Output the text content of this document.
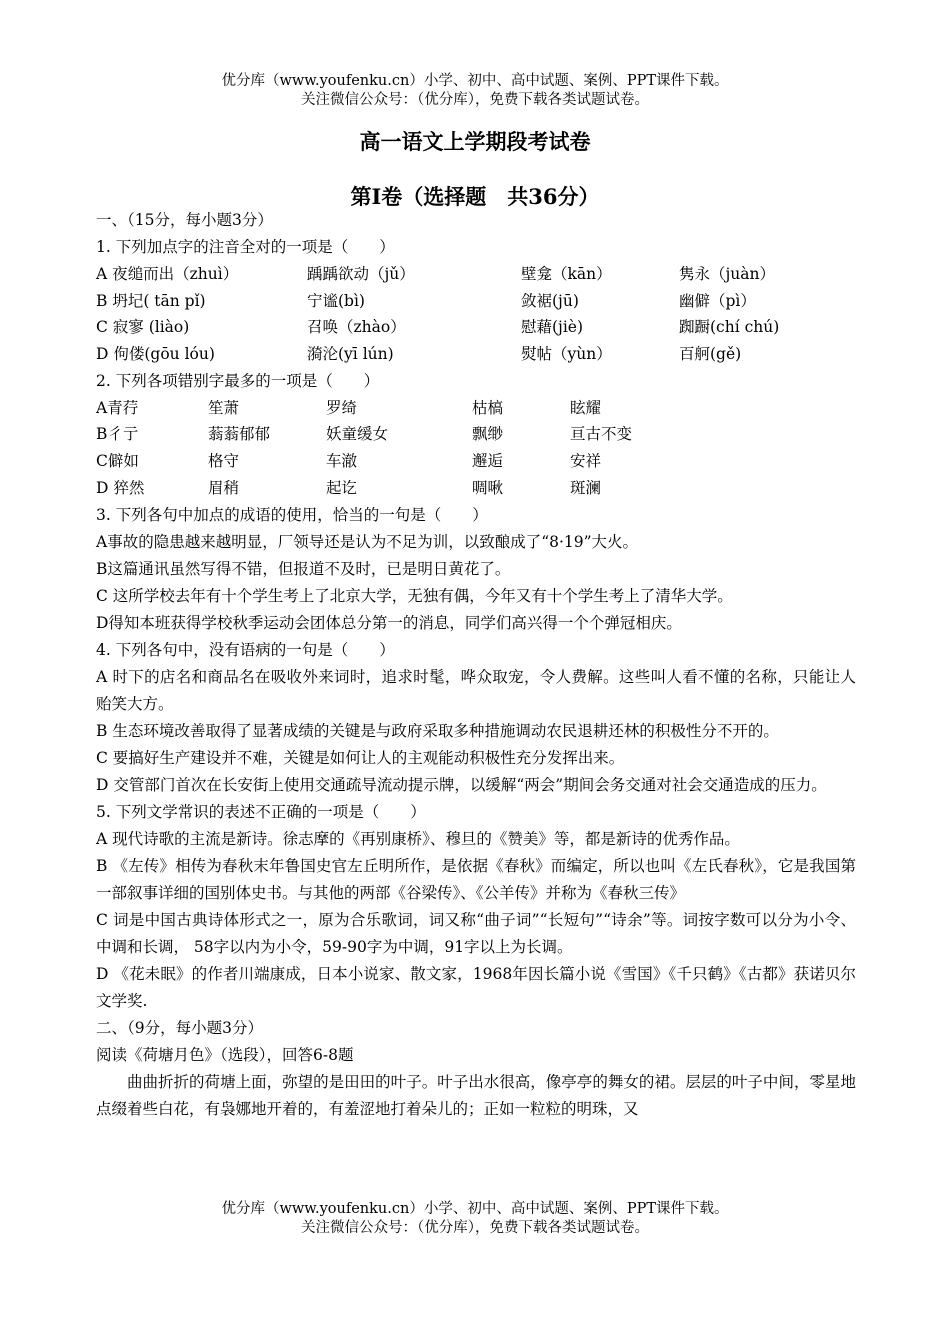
优分库（www.youfenku.cn）小学、初中、高中试题、案例、PPT课件下载。
关注微信公众号：（优分库），免费下载各类试题试卷。
高一语文上学期段考试卷
第Ⅰ卷（选择题　共36分）
一、（15分，每小题3分）
1. 下列加点字的注音全对的一项是（　　）
A 夜缒而出（zhuì）	踽踽欲动（jǔ）	壁龛（kān）	隽永（juàn）
B 坍圮( tān pǐ)	宁谧(bì)	敛裾(jū)	幽僻（pì）
C 寂寥 (liào)	召唤（zhào）	慰藉(jiè)	踟蹰(chí chú)
D 佝偻(gōu lóu)	漪沦(yī lún)	熨帖（yùn）	百舸(gě)
2. 下列各项错别字最多的一项是（　　）
A青荇	笙萧	罗绮	枯槁	眩耀
B彳亍	蓊蓊郁郁	妖童缓女	飘缈	亘古不变
C僻如	格守	车澈	邂逅	安祥
D 猝然	眉稍	起讫	啁啾	斑澜
3. 下列各句中加点的成语的使用，恰当的一句是（　　）
A事故的隐患越来越明显，厂领导还是认为不足为训，以致酿成了“8·19”大火。
B这篇通讯虽然写得不错，但报道不及时，已是明日黄花了。
C 这所学校去年有十个学生考上了北京大学，无独有偶，今年又有十个学生考上了清华大学。
D得知本班获得学校秋季运动会团体总分第一的消息，同学们高兴得一个个弹冠相庆。
4. 下列各句中，没有语病的一句是（　　）
A 时下的店名和商品名在吸收外来词时，追求时髦，哗众取宠，令人费解。这些叫人看不懂的名称，只能让人贻笑大方。
B 生态环境改善取得了显著成绩的关键是与政府采取多种措施调动农民退耕还林的积极性分不开的。
C 要搞好生产建设并不难，关键是如何让人的主观能动积极性充分发挥出来。
D 交管部门首次在长安街上使用交通疏导流动提示牌，以缓解“两会”期间会务交通对社会交通造成的压力。
5. 下列文学常识的表述不正确的一项是（　　）
A 现代诗歌的主流是新诗。徐志摩的《再别康桥》、穆旦的《赞美》等，都是新诗的优秀作品。
B 《左传》相传为春秋末年鲁国史官左丘明所作，是依据《春秋》而编定，所以也叫《左氏春秋》，它是我国第一部叙事详细的国别体史书。与其他的两部《谷梁传》、《公羊传》并称为《春秋三传》
C 词是中国古典诗体形式之一，原为合乐歌词，词又称“曲子词”“长短句”“诗余”等。词按字数可以分为小令、中调和长调， 58字以内为小令，59-90字为中调，91字以上为长调。
D 《花未眠》的作者川端康成，日本小说家、散文家，1968年因长篇小说《雪国》《千只鹤》《古都》获诺贝尔文学奖.
二、（9分，每小题3分）
阅读《荷塘月色》（选段），回答6-8题
曲曲折折的荷塘上面，弥望的是田田的叶子。叶子出水很高，像亭亭的舞女的裙。层层的叶子中间，零星地点缀着些白花，有袅娜地开着的，有羞涩地打着朵儿的；正如一粒粒的明珠，又
优分库（www.youfenku.cn）小学、初中、高中试题、案例、PPT课件下载。
关注微信公众号：（优分库），免费下载各类试题试卷。
